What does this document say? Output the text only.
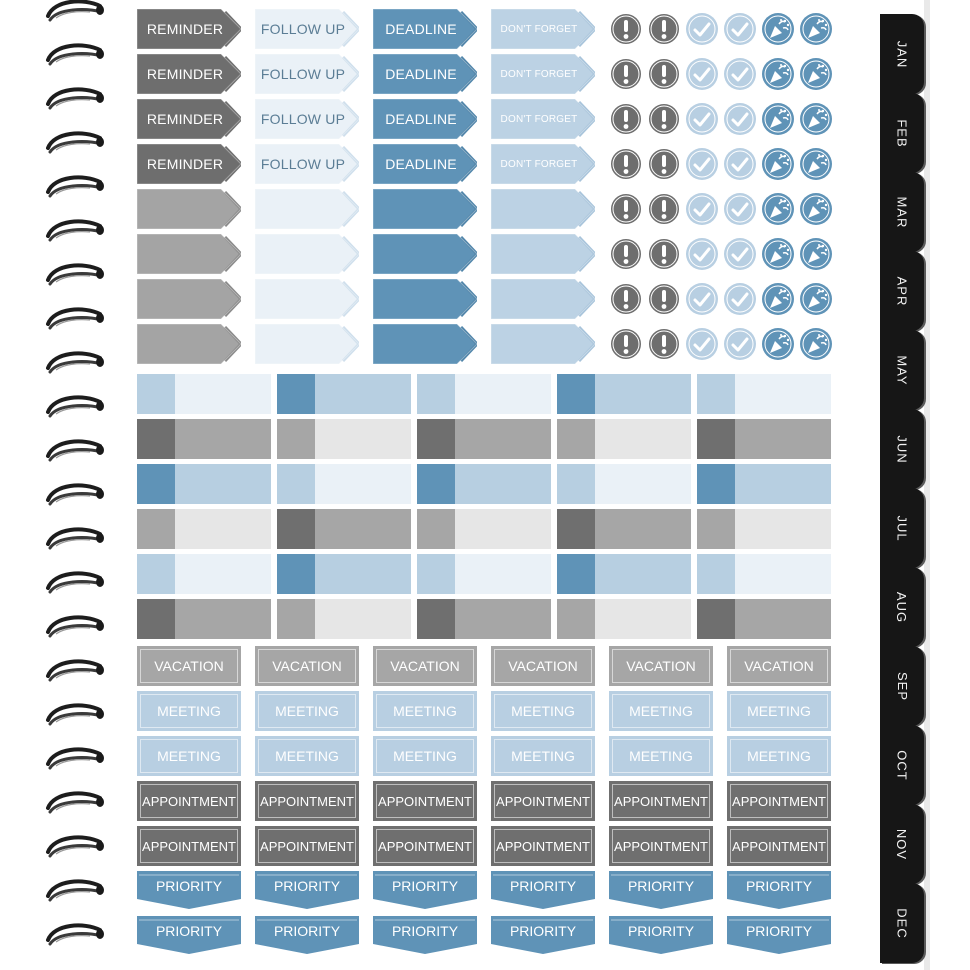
REMINDER
REMINDER
REMINDER
REMINDER
FOLLOW UP
FOLLOW UP
FOLLOW UP
FOLLOW UP
DON'T FORGET
DON'T FORGET
DON'T FORGET
DON'T FORGET
DEADLINE
DEADLINE
DEADLINE
DEADLINE
VACATION	VACATION	VACATION	VACATION	VACATION	VACATION
MEETING	MEETING	MEETING	MEETING	MEETING	MEETING
MEETING	MEETING	MEETING	MEETING	MEETING	MEETING
APPOINTMENT APPOINTMENT APPOINTMENT APPOINTMENT APPOINTMENT APPOINTMENT
APPOINTMENT APPOINTMENT APPOINTMENT APPOINTMENT APPOINTMENT APPOINTMENT
PRIORITY	PRIORITY	PRIORITY	PRIORITY	PRIORITY	PRIORITY
PRIORITY	PRIORITY	PRIORITY	PRIORITY	PRIORITY	PRIORITY
JAN
FEB
MAR
APR
MAY
JUN
JUL
AUG
SEP
OCT
NOV
DEC
